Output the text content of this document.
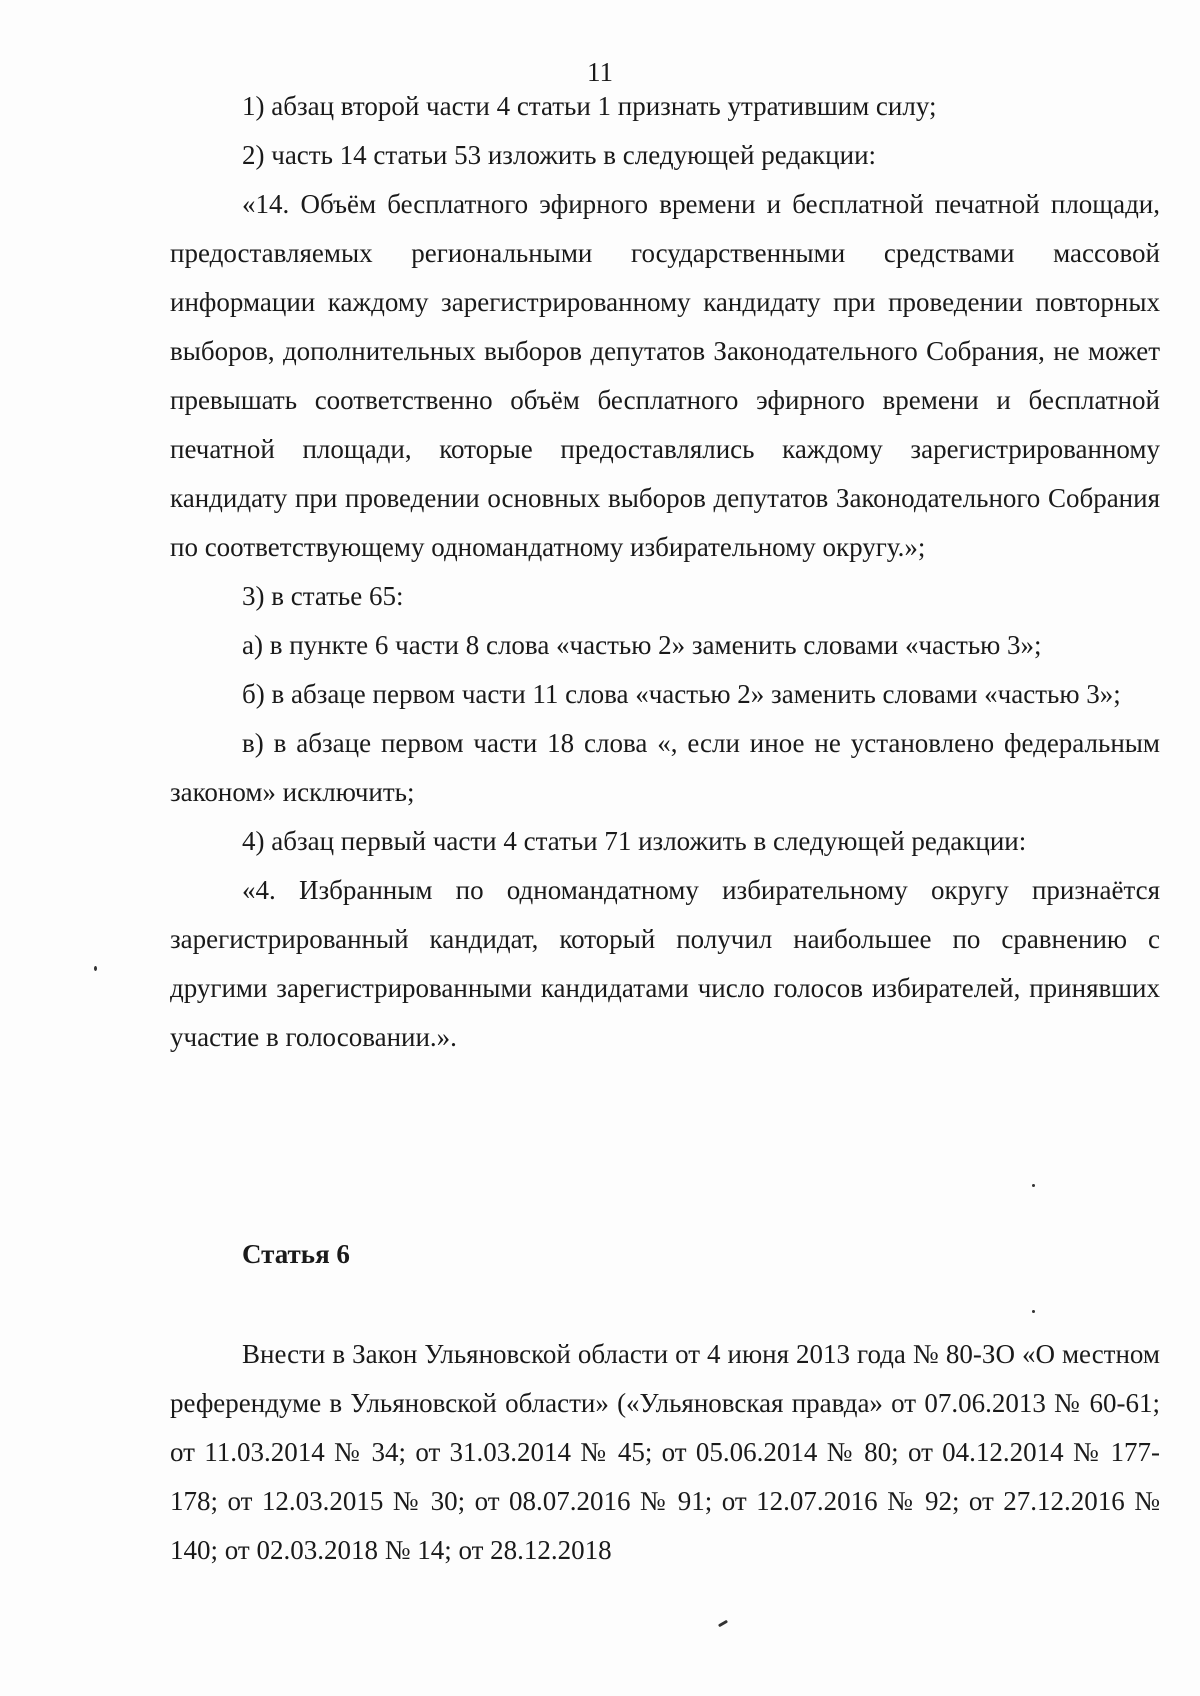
11

1) абзац второй части 4 статьи 1 признать утратившим силу;

2) часть 14 статьи 53 изложить в следующей редакции:

«14. Объём бесплатного эфирного времени и бесплатной печатной площади, предоставляемых региональными государственными средствами массовой информации каждому зарегистрированному кандидату при проведении повторных выборов, дополнительных выборов депутатов Законодательного Собрания, не может превышать соответственно объём бесплатного эфирного времени и бесплатной печатной площади, которые предоставлялись каждому зарегистрированному кандидату при проведении основных выборов депутатов Законодательного Собрания по соответствующему одномандатному избирательному округу.»;

3) в статье 65:

а) в пункте 6 части 8 слова «частью 2» заменить словами «частью 3»;

б) в абзаце первом части 11 слова «частью 2» заменить словами «частью 3»;

в) в абзаце первом части 18 слова «, если иное не установлено федеральным законом» исключить;

4) абзац первый части 4 статьи 71 изложить в следующей редакции:

«4. Избранным по одномандатному избирательному округу признаётся зарегистрированный кандидат, который получил наибольшее по сравнению с другими зарегистрированными кандидатами число голосов избирателей, принявших участие в голосовании.».

Статья 6

Внести в Закон Ульяновской области от 4 июня 2013 года № 80-ЗО «О местном референдуме в Ульяновской области» («Ульяновская правда» от 07.06.2013 № 60-61; от 11.03.2014 № 34; от 31.03.2014 № 45; от 05.06.2014 № 80; от 04.12.2014 № 177-178; от 12.03.2015 № 30; от 08.07.2016 № 91; от 12.07.2016 № 92; от 27.12.2016 № 140; от 02.03.2018 № 14; от 28.12.2018
